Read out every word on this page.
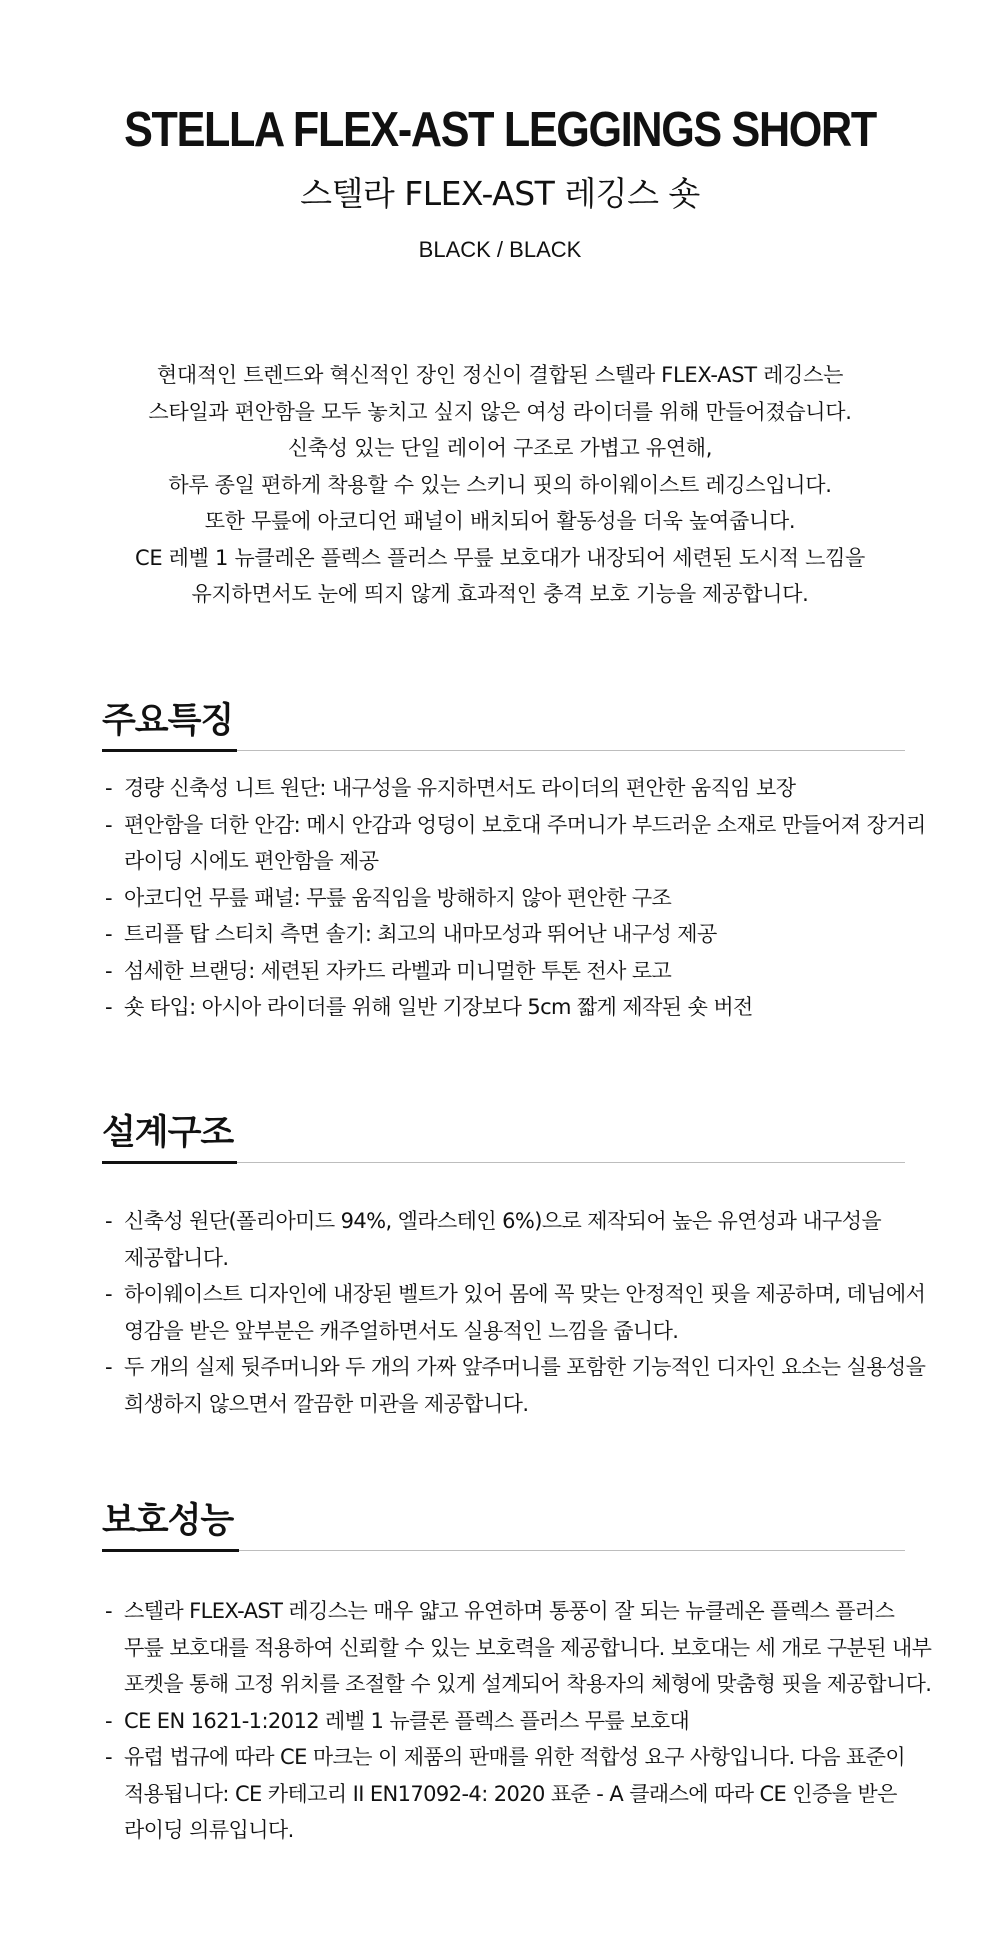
STELLA FLEX-AST LEGGINGS SHORT
스텔라 FLEX-AST 레깅스 숏
BLACK / BLACK
현대적인 트렌드와 혁신적인 장인 정신이 결합된 스텔라 FLEX-AST 레깅스는
스타일과 편안함을 모두 놓치고 싶지 않은 여성 라이더를 위해 만들어졌습니다.
신축성 있는 단일 레이어 구조로 가볍고 유연해,
하루 종일 편하게 착용할 수 있는 스키니 핏의 하이웨이스트 레깅스입니다.
또한 무릎에 아코디언 패널이 배치되어 활동성을 더욱 높여줍니다.
CE 레벨 1 뉴클레온 플렉스 플러스 무릎 보호대가 내장되어 세련된 도시적 느낌을
유지하면서도 눈에 띄지 않게 효과적인 충격 보호 기능을 제공합니다.
주요특징
- 경량 신축성 니트 원단: 내구성을 유지하면서도 라이더의 편안한 움직임 보장
- 편안함을 더한 안감: 메시 안감과 엉덩이 보호대 주머니가 부드러운 소재로 만들어져 장거리
라이딩 시에도 편안함을 제공
- 아코디언 무릎 패널: 무릎 움직임을 방해하지 않아 편안한 구조
- 트리플 탑 스티치 측면 솔기: 최고의 내마모성과 뛰어난 내구성 제공
- 섬세한 브랜딩: 세련된 자카드 라벨과 미니멀한 투톤 전사 로고
- 숏 타입: 아시아 라이더를 위해 일반 기장보다 5cm 짧게 제작된 숏 버전
설계구조
- 신축성 원단(폴리아미드 94%, 엘라스테인 6%)으로 제작되어 높은 유연성과 내구성을
제공합니다.
- 하이웨이스트 디자인에 내장된 벨트가 있어 몸에 꼭 맞는 안정적인 핏을 제공하며, 데님에서
영감을 받은 앞부분은 캐주얼하면서도 실용적인 느낌을 줍니다.
- 두 개의 실제 뒷주머니와 두 개의 가짜 앞주머니를 포함한 기능적인 디자인 요소는 실용성을
희생하지 않으면서 깔끔한 미관을 제공합니다.
보호성능
- 스텔라 FLEX-AST 레깅스는 매우 얇고 유연하며 통풍이 잘 되는 뉴클레온 플렉스 플러스
무릎 보호대를 적용하여 신뢰할 수 있는 보호력을 제공합니다. 보호대는 세 개로 구분된 내부
포켓을 통해 고정 위치를 조절할 수 있게 설계되어 착용자의 체형에 맞춤형 핏을 제공합니다.
- CE EN 1621-1:2012 레벨 1 뉴클론 플렉스 플러스 무릎 보호대
- 유럽 법규에 따라 CE 마크는 이 제품의 판매를 위한 적합성 요구 사항입니다. 다음 표준이
적용됩니다: CE 카테고리 II EN17092-4: 2020 표준 - A 클래스에 따라 CE 인증을 받은
라이딩 의류입니다.
